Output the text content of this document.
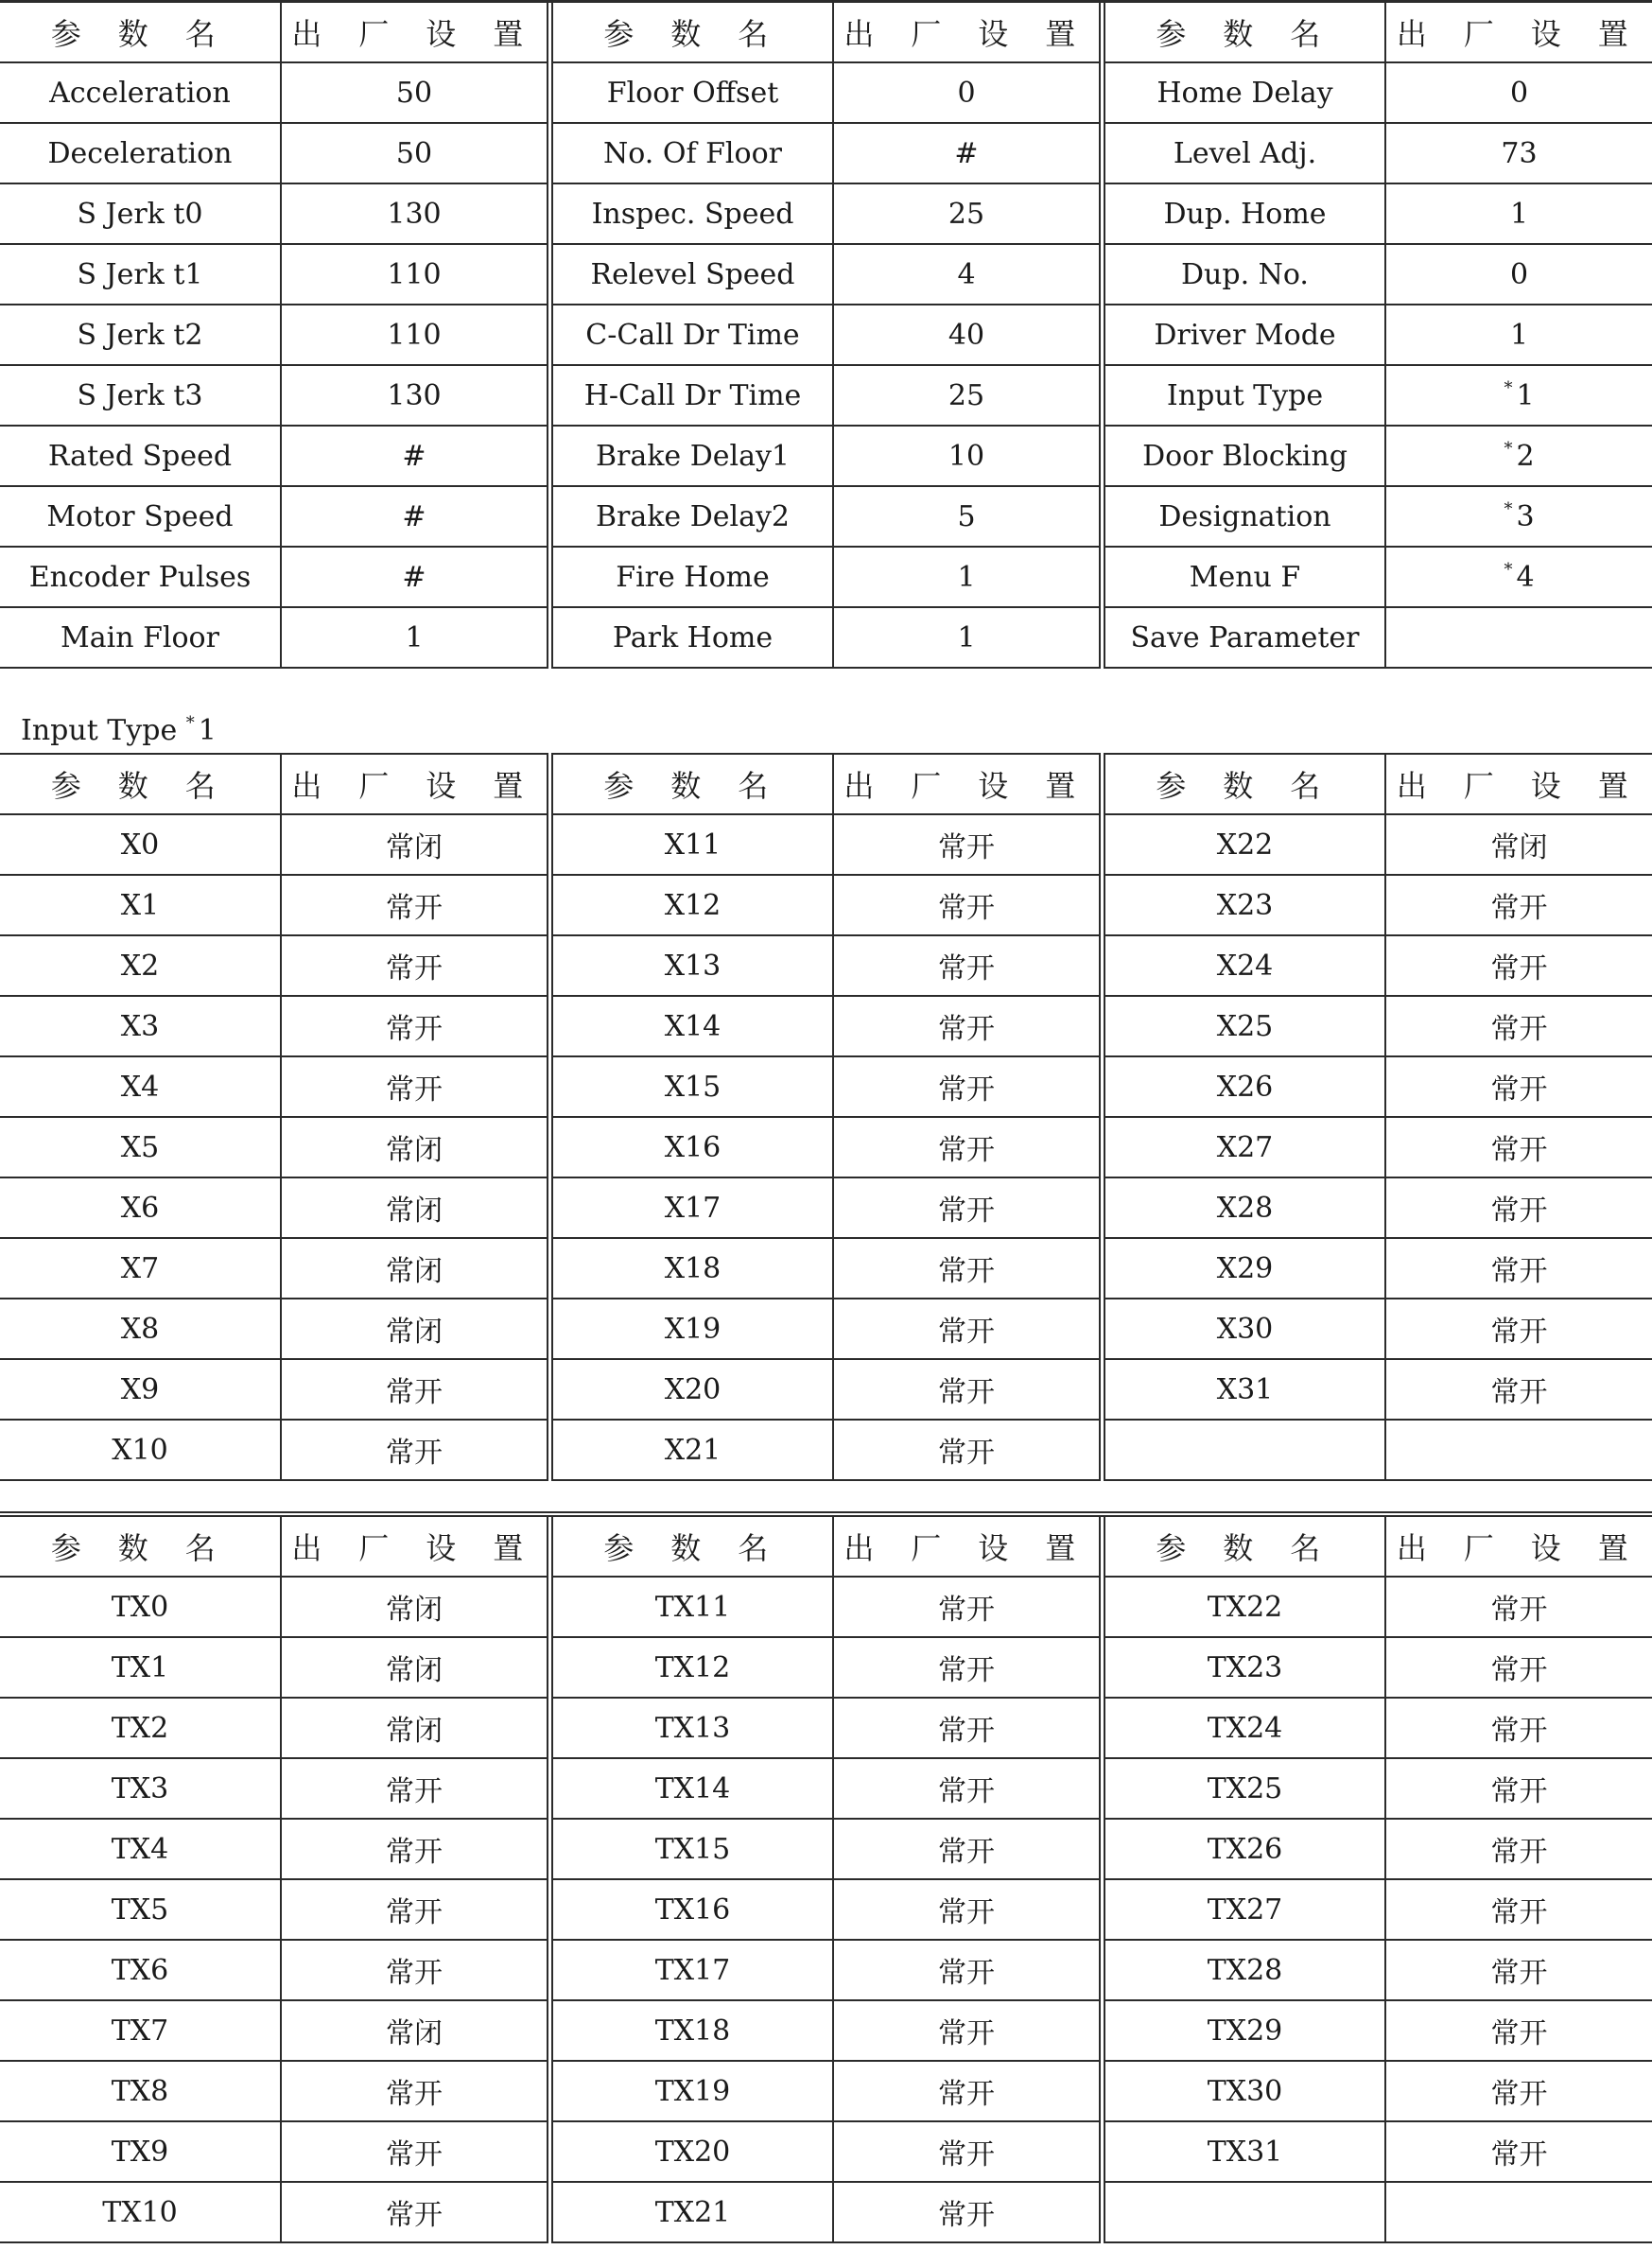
参 数 名	出 厂 设 置		参 数 名	出 厂 设 置		参 数 名	出 厂 设 置
Acceleration	50		Floor Offset	0		Home Delay	0
Deceleration	50		No. Of Floor	#		Level Adj.	73
S Jerk t0	130		Inspec. Speed	25		Dup. Home	1
S Jerk t1	110		Relevel Speed	4		Dup. No.	0
S Jerk t2	110		C-Call Dr Time	40		Driver Mode	1
S Jerk t3	130		H-Call Dr Time	25		Input Type	* 1
Rated Speed	#		Brake Delay1	10		Door Blocking	* 2
Motor Speed	#		Brake Delay2	5		Designation	* 3
Encoder Pulses	#		Fire Home	1		Menu F	* 4
Main Floor	1		Park Home	1		Save Parameter	
Input Type * 1
参 数 名	出 厂 设 置		参 数 名	出 厂 设 置		参 数 名	出 厂 设 置
X0	常闭		X11	常开		X22	常闭
X1	常开		X12	常开		X23	常开
X2	常开		X13	常开		X24	常开
X3	常开		X14	常开		X25	常开
X4	常开		X15	常开		X26	常开
X5	常闭		X16	常开		X27	常开
X6	常闭		X17	常开		X28	常开
X7	常闭		X18	常开		X29	常开
X8	常闭		X19	常开		X30	常开
X9	常开		X20	常开		X31	常开
X10	常开		X21	常开			
参 数 名	出 厂 设 置		参 数 名	出 厂 设 置		参 数 名	出 厂 设 置
TX0	常闭		TX11	常开		TX22	常开
TX1	常闭		TX12	常开		TX23	常开
TX2	常闭		TX13	常开		TX24	常开
TX3	常开		TX14	常开		TX25	常开
TX4	常开		TX15	常开		TX26	常开
TX5	常开		TX16	常开		TX27	常开
TX6	常开		TX17	常开		TX28	常开
TX7	常闭		TX18	常开		TX29	常开
TX8	常开		TX19	常开		TX30	常开
TX9	常开		TX20	常开		TX31	常开
TX10	常开		TX21	常开			
